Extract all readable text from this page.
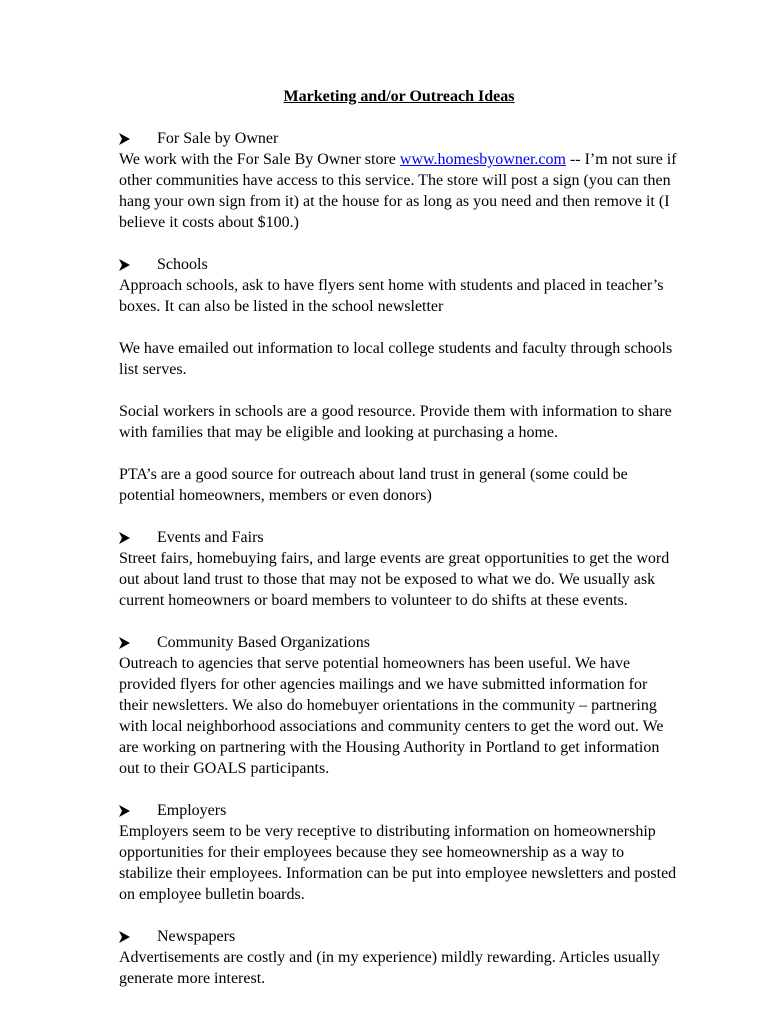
Marketing and/or Outreach Ideas
For Sale by Owner

We work with the For Sale By Owner store www.homesbyowner.com -- I’m not sure if other communities have access to this service. The store will post a sign (you can then hang your own sign from it) at the house for as long as you need and then remove it (I believe it costs about $100.)

Schools

Approach schools, ask to have flyers sent home with students and placed in teacher’s boxes. It can also be listed in the school newsletter

We have emailed out information to local college students and faculty through schools list serves.

Social workers in schools are a good resource. Provide them with information to share with families that may be eligible and looking at purchasing a home.

PTA’s are a good source for outreach about land trust in general (some could be potential homeowners, members or even donors)

Events and Fairs

Street fairs, homebuying fairs, and large events are great opportunities to get the word out about land trust to those that may not be exposed to what we do. We usually ask current homeowners or board members to volunteer to do shifts at these events.

Community Based Organizations

Outreach to agencies that serve potential homeowners has been useful. We have provided flyers for other agencies mailings and we have submitted information for their newsletters. We also do homebuyer orientations in the community – partnering with local neighborhood associations and community centers to get the word out. We are working on partnering with the Housing Authority in Portland to get information out to their GOALS participants.

Employers

Employers seem to be very receptive to distributing information on homeownership opportunities for their employees because they see homeownership as a way to stabilize their employees. Information can be put into employee newsletters and posted on employee bulletin boards.

Newspapers

Advertisements are costly and (in my experience) mildly rewarding. Articles usually generate more interest.
